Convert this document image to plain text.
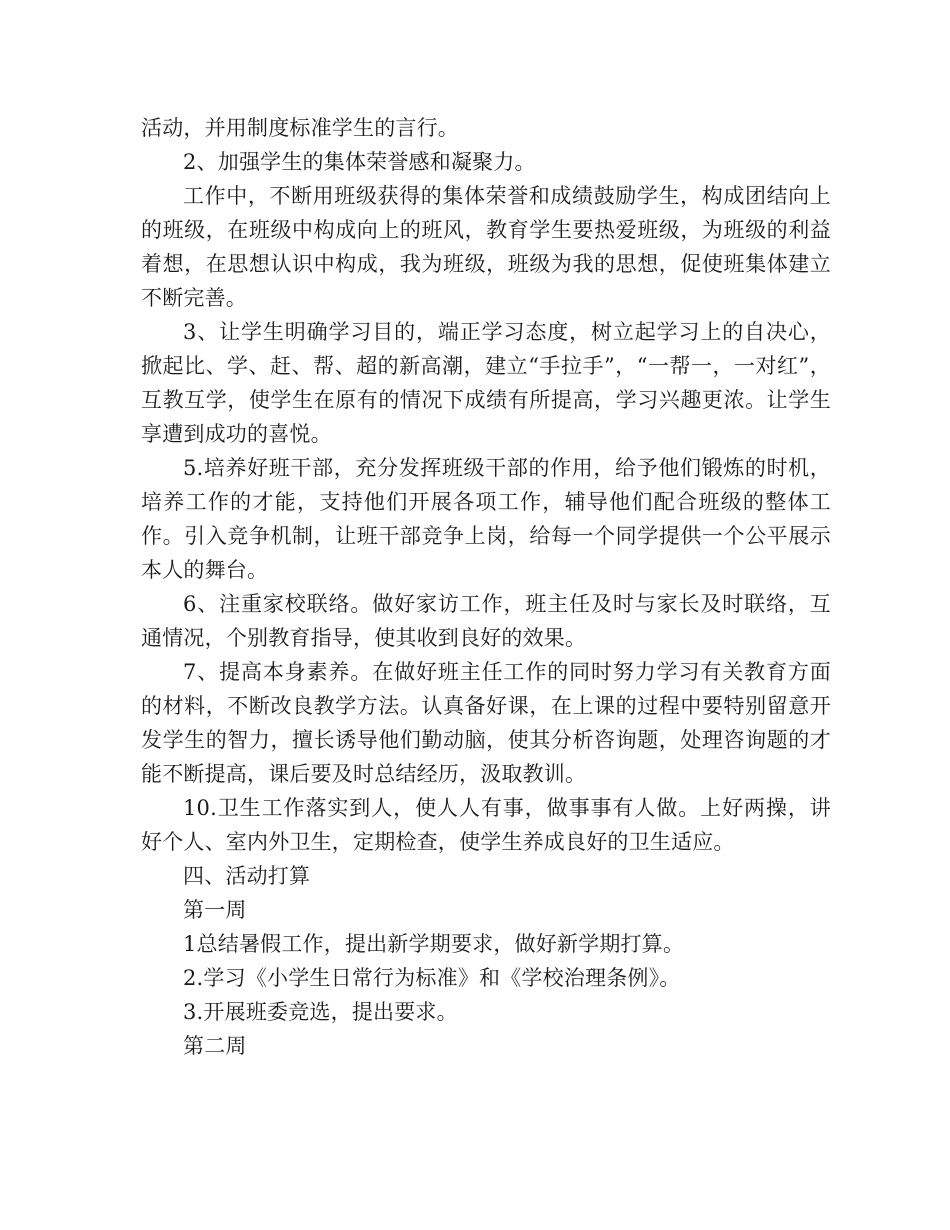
活动，并用制度标准学生的言行。

2、加强学生的集体荣誉感和凝聚力。

工作中，不断用班级获得的集体荣誉和成绩鼓励学生，构成团结向上的班级，在班级中构成向上的班风，教育学生要热爱班级，为班级的利益着想，在思想认识中构成，我为班级，班级为我的思想，促使班集体建立不断完善。

3、让学生明确学习目的，端正学习态度，树立起学习上的自决心，掀起比、学、赶、帮、超的新高潮，建立“手拉手”，“一帮一，一对红”，互教互学，使学生在原有的情况下成绩有所提高，学习兴趣更浓。让学生享遭到成功的喜悦。

5.培养好班干部，充分发挥班级干部的作用，给予他们锻炼的时机，培养工作的才能，支持他们开展各项工作，辅导他们配合班级的整体工作。引入竞争机制，让班干部竞争上岗，给每一个同学提供一个公平展示本人的舞台。

6、注重家校联络。做好家访工作，班主任及时与家长及时联络，互通情况，个别教育指导，使其收到良好的效果。

7、提高本身素养。在做好班主任工作的同时努力学习有关教育方面的材料，不断改良教学方法。认真备好课，在上课的过程中要特别留意开发学生的智力，擅长诱导他们勤动脑，使其分析咨询题，处理咨询题的才能不断提高，课后要及时总结经历，汲取教训。

10.卫生工作落实到人，使人人有事，做事事有人做。上好两操，讲好个人、室内外卫生，定期检查，使学生养成良好的卫生适应。

四、活动打算

第一周

1总结暑假工作，提出新学期要求，做好新学期打算。

2.学习《小学生日常行为标准》和《学校治理条例》。

3.开展班委竞选，提出要求。

第二周
